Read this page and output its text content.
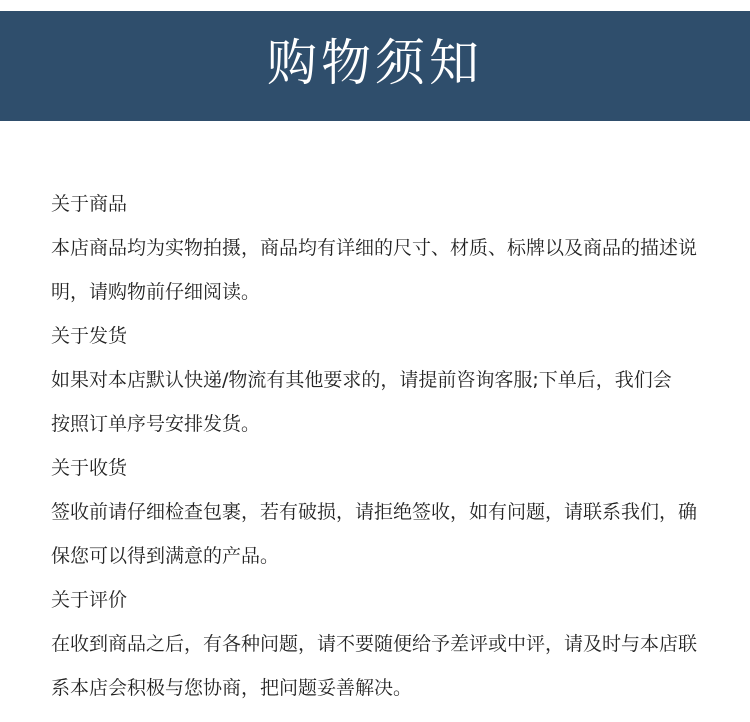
购物须知

关于商品

本店商品均为实物拍摄，商品均有详细的尺寸、材质、标牌以及商品的描述说

明，请购物前仔细阅读。

关于发货

如果对本店默认快递/物流有其他要求的，请提前咨询客服;下单后，我们会

按照订单序号安排发货。

关于收货

签收前请仔细检查包裹，若有破损，请拒绝签收，如有问题，请联系我们，确

保您可以得到满意的产品。

关于评价

在收到商品之后，有各种问题，请不要随便给予差评或中评，请及时与本店联

系本店会积极与您协商，把问题妥善解决。
